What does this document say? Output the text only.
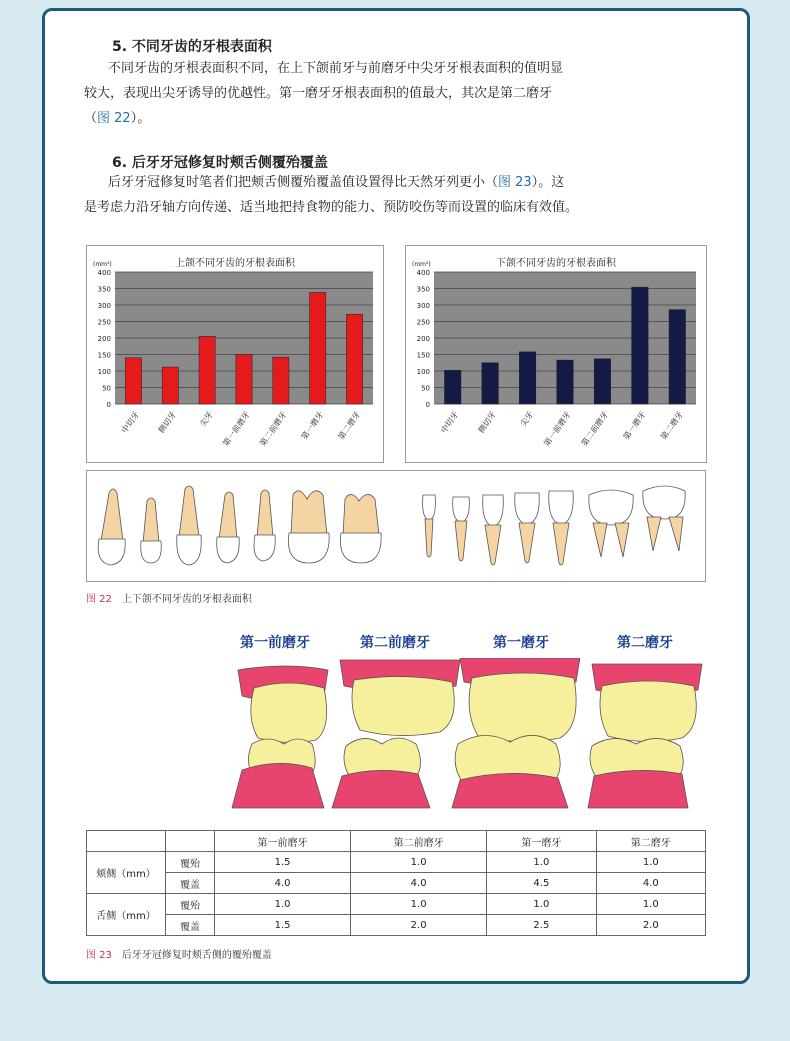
5. 不同牙齿的牙根表面积
不同牙齿的牙根表面积不同，在上下颌前牙与前磨牙中尖牙牙根表面积的值明显
较大，表现出尖牙诱导的优越性。第一磨牙牙根表面积的值最大，其次是第二磨牙
（图 22）。
6. 后牙牙冠修复时颊舌侧覆殆覆盖
后牙牙冠修复时笔者们把颊舌侧覆殆覆盖值设置得比天然牙列更小（图 23）。这
是考虑力沿牙轴方向传递、适当地把持食物的能力、预防咬伤等而设置的临床有效值。
0
50
100
150
200
250
300
350
400
(mm²)
中切牙 侧切牙	尖牙 第一前磨牙 第二前磨牙 第一磨牙 第二磨牙
上颌不同牙齿的牙根表面积
0
50
100
150
200
250
300
350
400
(mm²)
中切牙 侧切牙	尖牙 第一前磨牙 第二前磨牙 第一磨牙 第二磨牙
下颌不同牙齿的牙根表面积
图 22 上下颌不同牙齿的牙根表面积
第一前磨牙	第二前磨牙	第一磨牙	第二磨牙
		第一前磨牙	第二前磨牙	第一磨牙	第二磨牙
颊侧（mm）	覆殆	1.5	1.0	1.0	1.0
	覆盖	4.0	4.0	4.5	4.0
舌侧（mm）	覆殆	1.0	1.0	1.0	1.0
	覆盖	1.5	2.0	2.5	2.0
图 23 后牙牙冠修复时颊舌侧的覆殆覆盖
